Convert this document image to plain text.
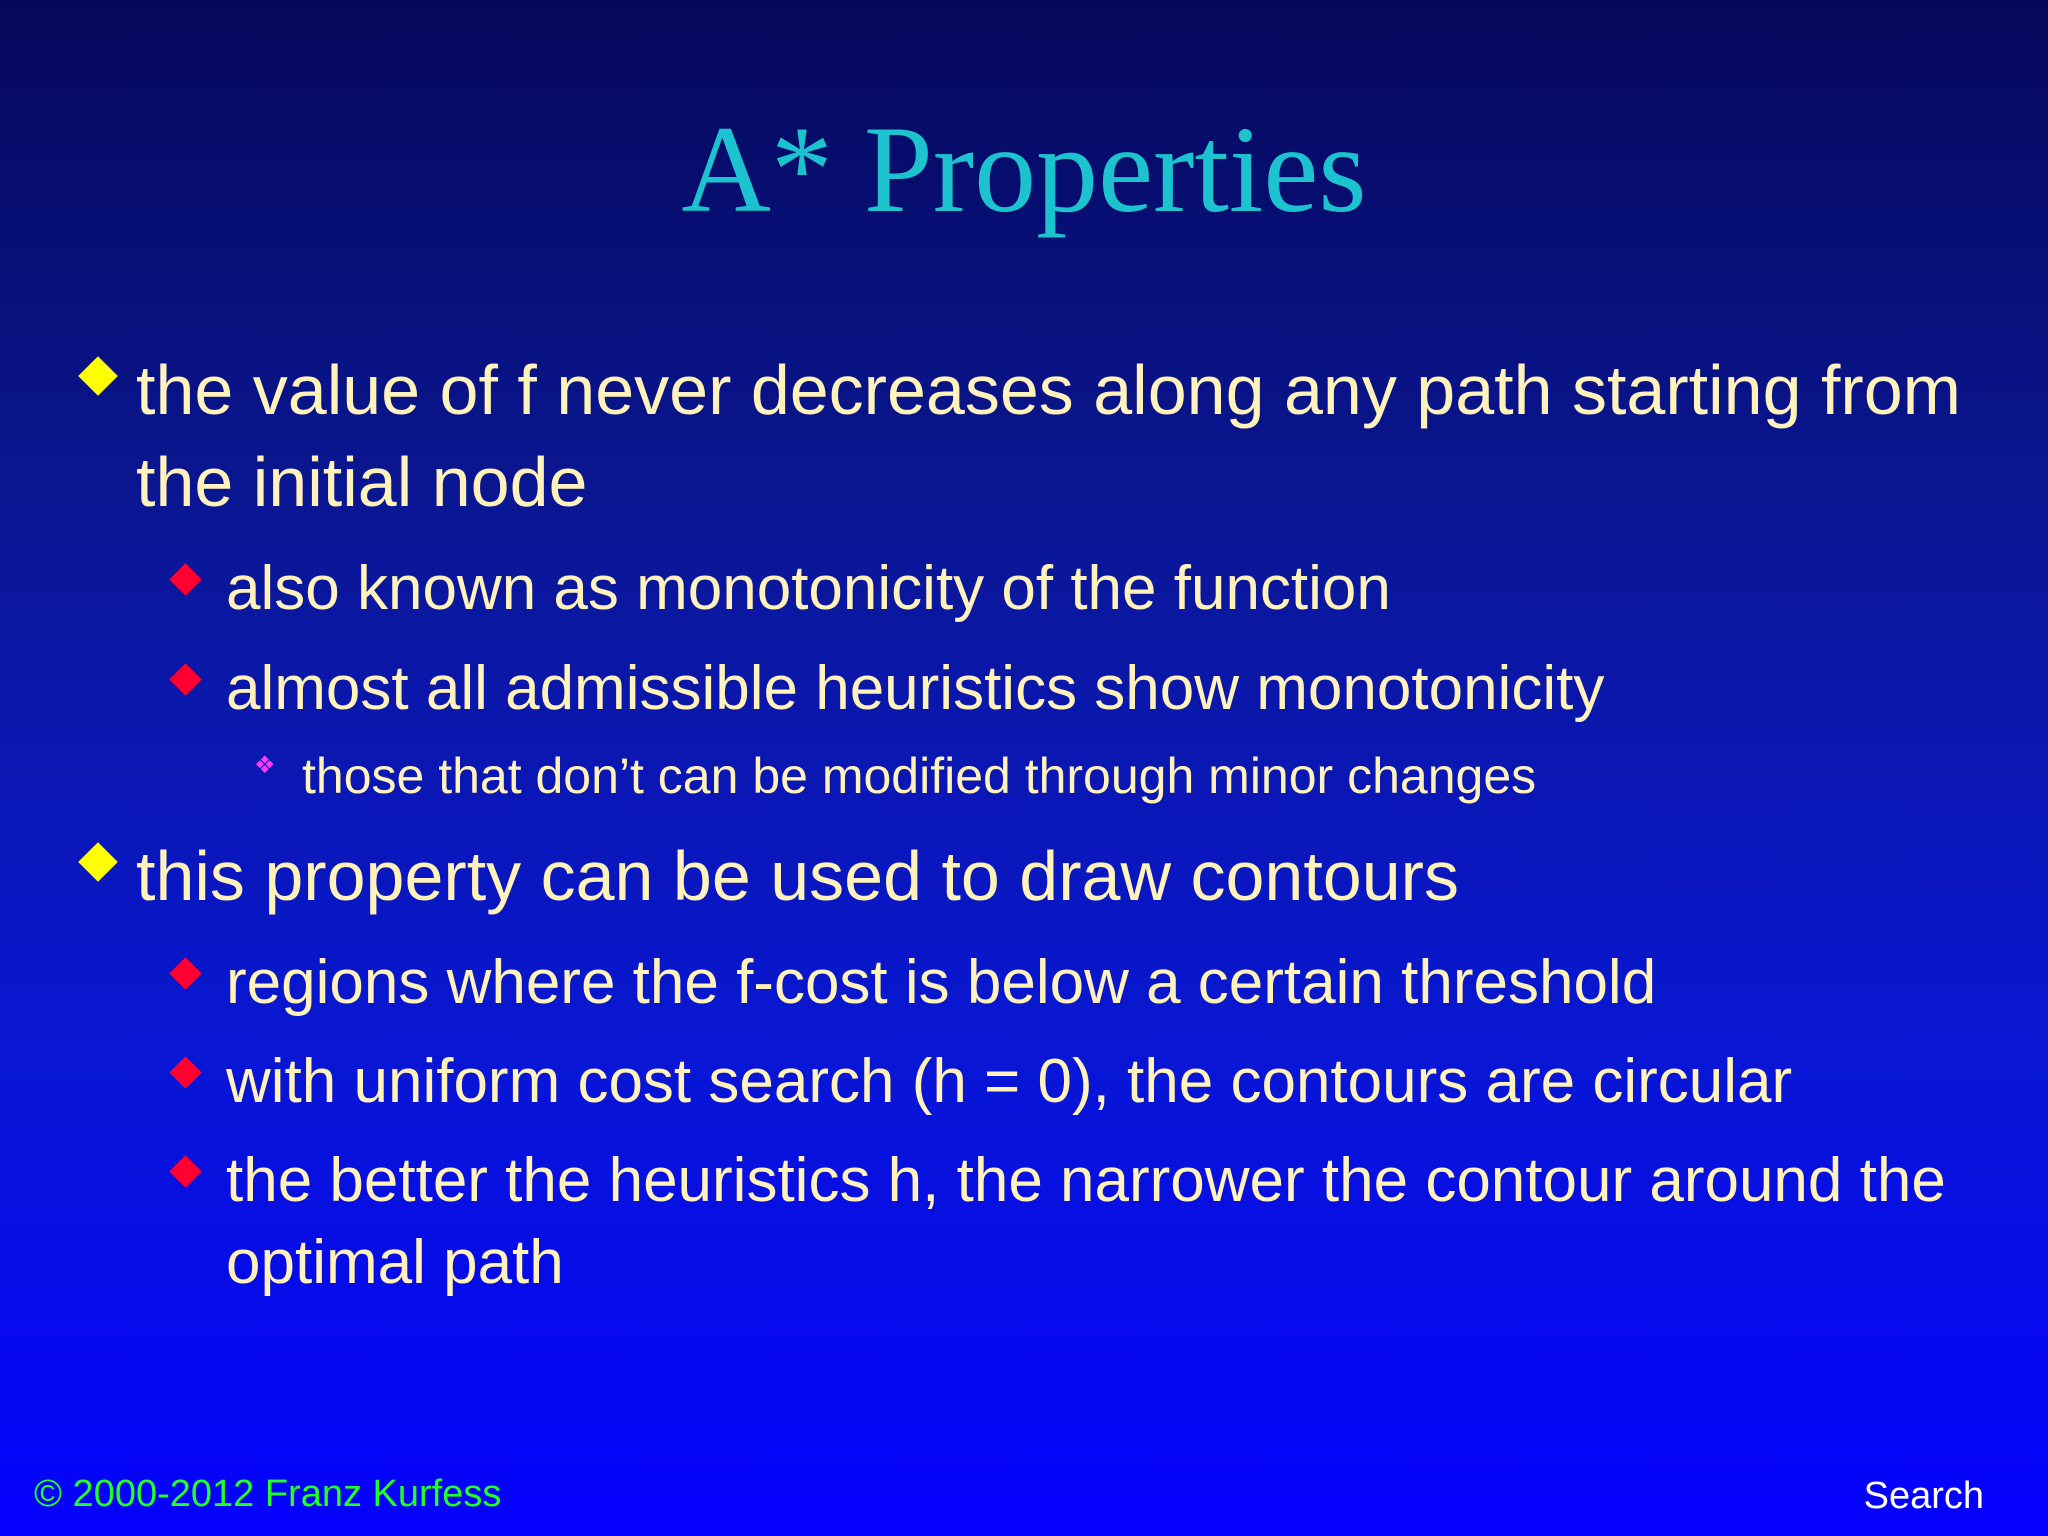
A* Properties
the value of f never decreases along any path starting from the initial node
also known as monotonicity of the function
almost all admissible heuristics show monotonicity
❖
those that don’t can be modified through minor changes
this property can be used to draw contours
regions where the f-cost is below a certain threshold
with uniform cost search (h = 0), the contours are circular
the better the heuristics h, the narrower the contour around the optimal path
© 2000-2012 Franz Kurfess	Search
